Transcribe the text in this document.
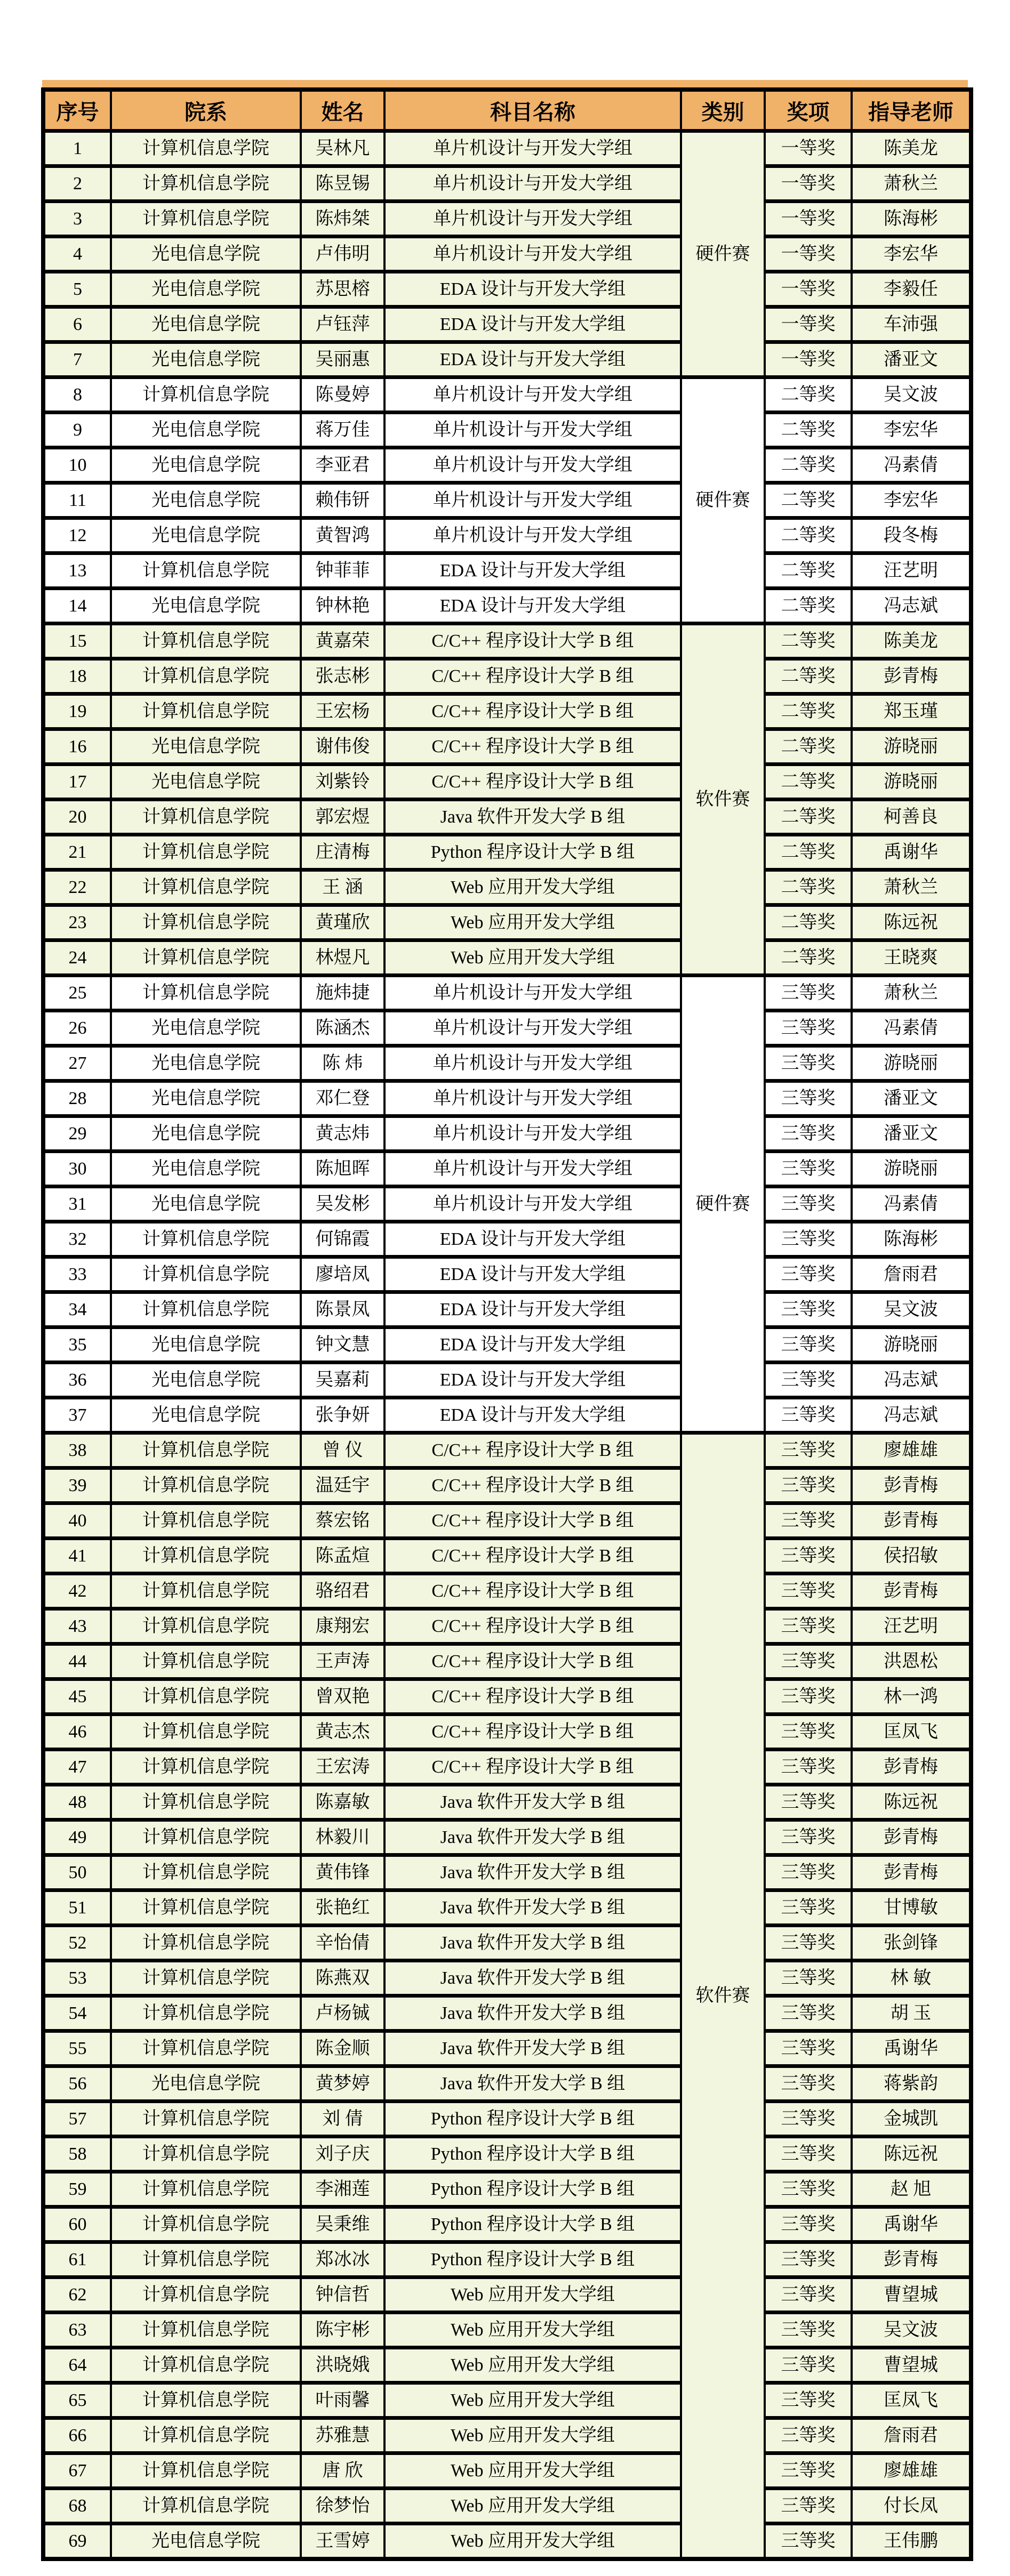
序号	院系	姓名	科目名称	类别	奖项	指导老师
1	计算机信息学院	吴林凡	单片机设计与开发大学组	硬件赛	一等奖	陈美龙
2	计算机信息学院	陈昱锡	单片机设计与开发大学组		一等奖	萧秋兰
3	计算机信息学院	陈炜桀	单片机设计与开发大学组		一等奖	陈海彬
4	光电信息学院	卢伟明	单片机设计与开发大学组		一等奖	李宏华
5	光电信息学院	苏思榕	EDA 设计与开发大学组		一等奖	李毅任
6	光电信息学院	卢钰萍	EDA 设计与开发大学组		一等奖	车沛强
7	光电信息学院	吴丽惠	EDA 设计与开发大学组		一等奖	潘亚文
8	计算机信息学院	陈曼婷	单片机设计与开发大学组	硬件赛	二等奖	吴文波
9	光电信息学院	蒋万佳	单片机设计与开发大学组		二等奖	李宏华
10	光电信息学院	李亚君	单片机设计与开发大学组		二等奖	冯素倩
11	光电信息学院	赖伟钘	单片机设计与开发大学组		二等奖	李宏华
12	光电信息学院	黄智鸿	单片机设计与开发大学组		二等奖	段冬梅
13	计算机信息学院	钟菲菲	EDA 设计与开发大学组		二等奖	汪艺明
14	光电信息学院	钟林艳	EDA 设计与开发大学组		二等奖	冯志斌
15	计算机信息学院	黄嘉荣	C/C++ 程序设计大学 B 组	软件赛	二等奖	陈美龙
18	计算机信息学院	张志彬	C/C++ 程序设计大学 B 组		二等奖	彭青梅
19	计算机信息学院	王宏杨	C/C++ 程序设计大学 B 组		二等奖	郑玉瑾
16	光电信息学院	谢伟俊	C/C++ 程序设计大学 B 组		二等奖	游晓丽
17	光电信息学院	刘紫铃	C/C++ 程序设计大学 B 组		二等奖	游晓丽
20	计算机信息学院	郭宏煜	Java 软件开发大学 B 组		二等奖	柯善良
21	计算机信息学院	庄清梅	Python 程序设计大学 B 组		二等奖	禹谢华
22	计算机信息学院	王 涵	Web 应用开发大学组		二等奖	萧秋兰
23	计算机信息学院	黄瑾欣	Web 应用开发大学组		二等奖	陈远祝
24	计算机信息学院	林煜凡	Web 应用开发大学组		二等奖	王晓爽
25	计算机信息学院	施炜捷	单片机设计与开发大学组	硬件赛	三等奖	萧秋兰
26	光电信息学院	陈涵杰	单片机设计与开发大学组		三等奖	冯素倩
27	光电信息学院	陈 炜	单片机设计与开发大学组		三等奖	游晓丽
28	光电信息学院	邓仁登	单片机设计与开发大学组		三等奖	潘亚文
29	光电信息学院	黄志炜	单片机设计与开发大学组		三等奖	潘亚文
30	光电信息学院	陈旭晖	单片机设计与开发大学组		三等奖	游晓丽
31	光电信息学院	吴发彬	单片机设计与开发大学组		三等奖	冯素倩
32	计算机信息学院	何锦霞	EDA 设计与开发大学组		三等奖	陈海彬
33	计算机信息学院	廖培凤	EDA 设计与开发大学组		三等奖	詹雨君
34	计算机信息学院	陈景凤	EDA 设计与开发大学组		三等奖	吴文波
35	光电信息学院	钟文慧	EDA 设计与开发大学组		三等奖	游晓丽
36	光电信息学院	吴嘉莉	EDA 设计与开发大学组		三等奖	冯志斌
37	光电信息学院	张争妍	EDA 设计与开发大学组		三等奖	冯志斌
38	计算机信息学院	曾 仪	C/C++ 程序设计大学 B 组	软件赛	三等奖	廖雄雄
39	计算机信息学院	温廷宇	C/C++ 程序设计大学 B 组		三等奖	彭青梅
40	计算机信息学院	蔡宏铭	C/C++ 程序设计大学 B 组		三等奖	彭青梅
41	计算机信息学院	陈孟煊	C/C++ 程序设计大学 B 组		三等奖	侯招敏
42	计算机信息学院	骆绍君	C/C++ 程序设计大学 B 组		三等奖	彭青梅
43	计算机信息学院	康翔宏	C/C++ 程序设计大学 B 组		三等奖	汪艺明
44	计算机信息学院	王声涛	C/C++ 程序设计大学 B 组		三等奖	洪恩松
45	计算机信息学院	曾双艳	C/C++ 程序设计大学 B 组		三等奖	林一鸿
46	计算机信息学院	黄志杰	C/C++ 程序设计大学 B 组		三等奖	匡凤飞
47	计算机信息学院	王宏涛	C/C++ 程序设计大学 B 组		三等奖	彭青梅
48	计算机信息学院	陈嘉敏	Java 软件开发大学 B 组		三等奖	陈远祝
49	计算机信息学院	林毅川	Java 软件开发大学 B 组		三等奖	彭青梅
50	计算机信息学院	黄伟锋	Java 软件开发大学 B 组		三等奖	彭青梅
51	计算机信息学院	张艳红	Java 软件开发大学 B 组		三等奖	甘博敏
52	计算机信息学院	辛怡倩	Java 软件开发大学 B 组		三等奖	张剑锋
53	计算机信息学院	陈燕双	Java 软件开发大学 B 组		三等奖	林 敏
54	计算机信息学院	卢杨铖	Java 软件开发大学 B 组		三等奖	胡 玉
55	计算机信息学院	陈金顺	Java 软件开发大学 B 组		三等奖	禹谢华
56	光电信息学院	黄梦婷	Java 软件开发大学 B 组		三等奖	蒋紫韵
57	计算机信息学院	刘 倩	Python 程序设计大学 B 组		三等奖	金城凯
58	计算机信息学院	刘子庆	Python 程序设计大学 B 组		三等奖	陈远祝
59	计算机信息学院	李湘莲	Python 程序设计大学 B 组		三等奖	赵 旭
60	计算机信息学院	吴秉维	Python 程序设计大学 B 组		三等奖	禹谢华
61	计算机信息学院	郑冰冰	Python 程序设计大学 B 组		三等奖	彭青梅
62	计算机信息学院	钟信哲	Web 应用开发大学组		三等奖	曹望城
63	计算机信息学院	陈宇彬	Web 应用开发大学组		三等奖	吴文波
64	计算机信息学院	洪晓娥	Web 应用开发大学组		三等奖	曹望城
65	计算机信息学院	叶雨馨	Web 应用开发大学组		三等奖	匡凤飞
66	计算机信息学院	苏雅慧	Web 应用开发大学组		三等奖	詹雨君
67	计算机信息学院	唐 欣	Web 应用开发大学组		三等奖	廖雄雄
68	计算机信息学院	徐梦怡	Web 应用开发大学组		三等奖	付长凤
69	光电信息学院	王雪婷	Web 应用开发大学组		三等奖	王伟鹏
